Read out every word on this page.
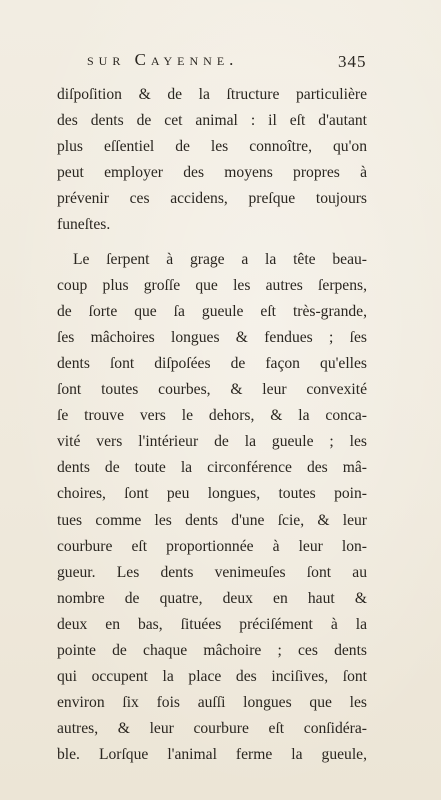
sur Cayenne.	345
diſpoſition & de la ſtructure particulière
des dents de cet animal : il eſt d'autant
plus eſſentiel de les connoître, qu'on
peut employer des moyens propres à
prévenir ces accidens, preſque toujours
funeſtes.
Le ſerpent à grage a la tête beau-
coup plus groſſe que les autres ſerpens,
de ſorte que ſa gueule eſt très-grande,
ſes mâchoires longues & fendues ; ſes
dents ſont diſpoſées de façon qu'elles
ſont toutes courbes, & leur convexité
ſe trouve vers le dehors, & la conca-
vité vers l'intérieur de la gueule ; les
dents de toute la circonférence des mâ-
choires, ſont peu longues, toutes poin-
tues comme les dents d'une ſcie, & leur
courbure eſt proportionnée à leur lon-
gueur. Les dents venimeuſes ſont au
nombre de quatre, deux en haut &
deux en bas, ſituées préciſément à la
pointe de chaque mâchoire ; ces dents
qui occupent la place des inciſives, ſont
environ ſix fois auſſi longues que les
autres, & leur courbure eſt conſidéra-
ble. Lorſque l'animal ferme la gueule,
